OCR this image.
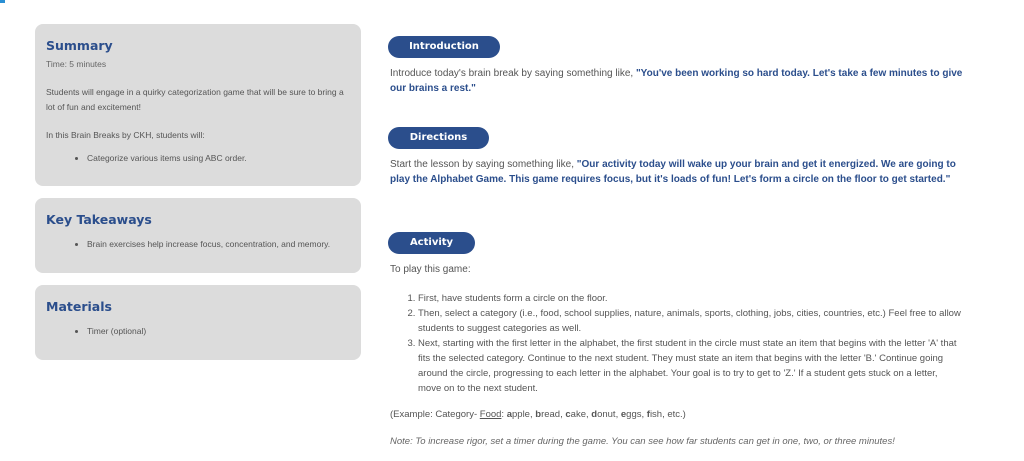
Summary
Time: 5 minutes

Students will engage in a quirky categorization game that will be sure to bring a lot of fun and excitement!

In this Brain Breaks by CKH, students will:

• Categorize various items using ABC order.
Key Takeaways
• Brain exercises help increase focus, concentration, and memory.
Materials
• Timer (optional)
Introduction
Introduce today's brain break by saying something like, "You've been working so hard today. Let's take a few minutes to give our brains a rest."
Directions
Start the lesson by saying something like, "Our activity today will wake up your brain and get it energized. We are going to play the Alphabet Game. This game requires focus, but it's loads of fun! Let's form a circle on the floor to get started."
Activity
To play this game:
1. First, have students form a circle on the floor.
2. Then, select a category (i.e., food, school supplies, nature, animals, sports, clothing, jobs, cities, countries, etc.) Feel free to allow students to suggest categories as well.
3. Next, starting with the first letter in the alphabet, the first student in the circle must state an item that begins with the letter 'A' that fits the selected category. Continue to the next student. They must state an item that begins with the letter 'B.' Continue going around the circle, progressing to each letter in the alphabet. Your goal is to try to get to 'Z.' If a student gets stuck on a letter, move on to the next student.
(Example: Category- Food: apple, bread, cake, donut, eggs, fish, etc.)
Note: To increase rigor, set a timer during the game. You can see how far students can get in one, two, or three minutes!
